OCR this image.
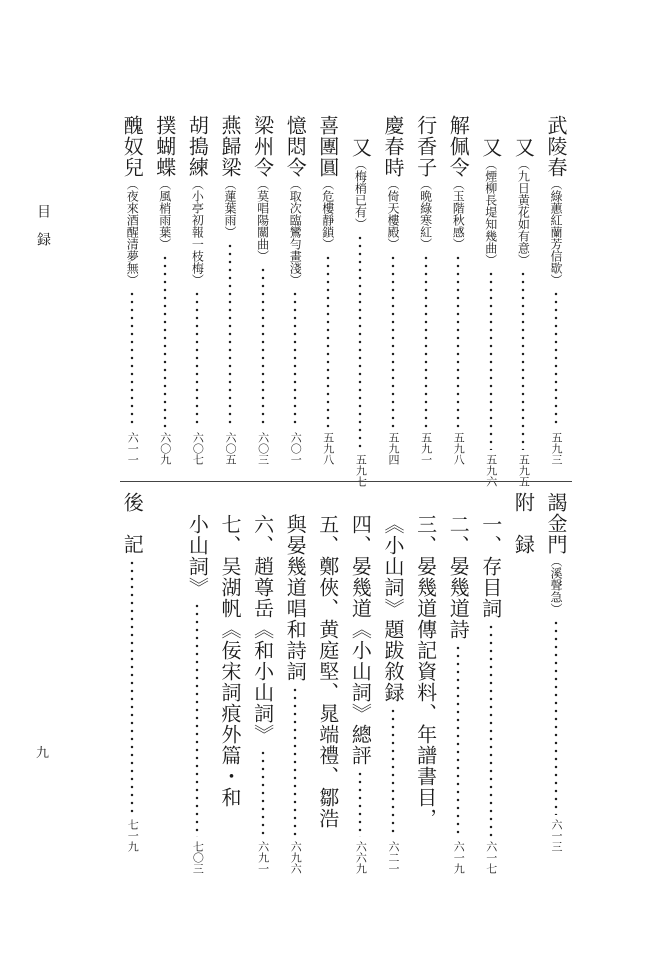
目録
九
武陵春（綠蕙紅蘭芳信歇）
五九三
又（九日黄花如有意）
五九五
又（煙柳長堤知幾曲）
五九六
解佩令（玉階秋感）
五九八
行香子（晩綠寒紅）
五九一
慶春時（倚天樓殿）
五九四
又（梅梢已有）
五九七
喜團圓（危樓靜鎖）
五九八
憶悶令（取次臨鸞勻畫淺）
六〇一
梁州令（莫唱陽關曲）
六〇三
燕歸梁（蓮葉雨）
六〇五
胡搗練（小亭初報一枝梅）
六〇七
撲蝴蝶（風梢雨葉）
六〇九
醜奴兒（夜來酒醒清夢無）
六一一
謁金門（溪聲急）
六一三
附　録
一、存目詞
六一七
二、晏幾道詩
六一九
三、晏幾道傳記資料、年譜書目，
《小山詞》題跋敘録
六二一
四、晏幾道《小山詞》總評
六六九
五、鄭俠、黄庭堅、晁端禮、鄒浩
與晏幾道唱和詩詞
六九六
六、趙尊岳《和小山詞》
六九一
七、吴湖帆《佞宋詞痕外篇・和
小山詞》
七〇三
後　記
七一九
